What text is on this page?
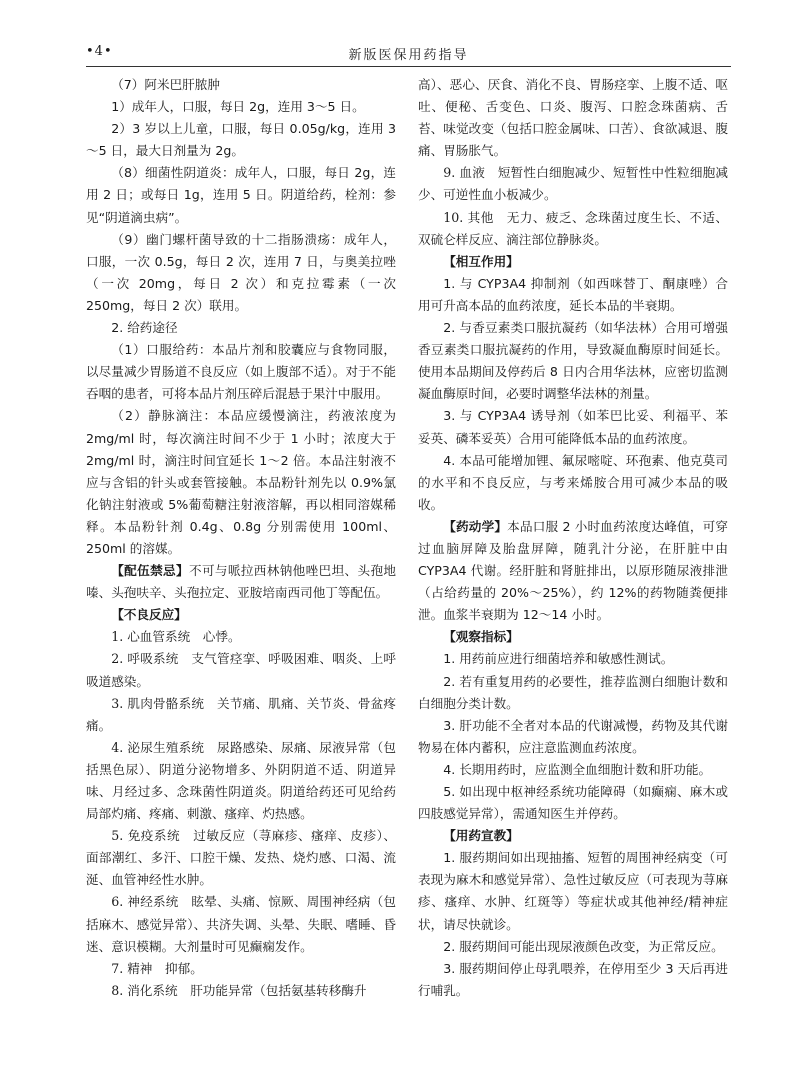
•4•	新版医保用药指导

（7）阿米巴肝脓肿

1）成年人，口服，每日 2g，连用 3～5 日。

2）3 岁以上儿童，口服，每日 0.05g/kg，连用 3～5 日，最大日剂量为 2g。

（8）细菌性阴道炎：成年人，口服，每日 2g，连用 2 日；或每日 1g，连用 5 日。阴道给药，栓剂：参见“阴道滴虫病”。

（9）幽门螺杆菌导致的十二指肠溃疡：成年人，口服，一次 0.5g，每日 2 次，连用 7 日，与奥美拉唑（一次 20mg，每日 2 次）和克拉霉素（一次 250mg，每日 2 次）联用。

2. 给药途径

（1）口服给药：本品片剂和胶囊应与食物同服，以尽量减少胃肠道不良反应（如上腹部不适）。对于不能吞咽的患者，可将本品片剂压碎后混悬于果汁中服用。

（2）静脉滴注：本品应缓慢滴注，药液浓度为 2mg/ml 时，每次滴注时间不少于 1 小时；浓度大于 2mg/ml 时，滴注时间宜延长 1～2 倍。本品注射液不应与含铝的针头或套管接触。本品粉针剂先以 0.9%氯化钠注射液或 5%葡萄糖注射液溶解，再以相同溶媒稀释。本品粉针剂 0.4g、0.8g 分别需使用 100ml、250ml 的溶媒。

【配伍禁忌】不可与哌拉西林钠他唑巴坦、头孢地嗪、头孢呋辛、头孢拉定、亚胺培南西司他丁等配伍。

【不良反应】

1. 心血管系统　 心悸。

2. 呼吸系统　 支气管痉挛、呼吸困难、咽炎、上呼吸道感染。

3. 肌肉骨骼系统　 关节痛、肌痛、关节炎、骨盆疼痛。

4. 泌尿生殖系统　 尿路感染、尿痛、尿液异常（包括黑色尿）、阴道分泌物增多、外阴阴道不适、阴道异味、月经过多、念珠菌性阴道炎。阴道给药还可见给药局部灼痛、疼痛、刺激、瘙痒、灼热感。

5. 免疫系统　 过敏反应（荨麻疹、瘙痒、皮疹）、面部潮红、多汗、口腔干燥、发热、烧灼感、口渴、流涎、血管神经性水肿。

6. 神经系统　 眩晕、头痛、惊厥、周围神经病（包括麻木、感觉异常）、共济失调、头晕、失眠、嗜睡、昏迷、意识模糊。大剂量时可见癫痫发作。

7. 精神　 抑郁。

8. 消化系统　 肝功能异常（包括氨基转移酶升

高）、恶心、厌食、消化不良、胃肠痉挛、上腹不适、呕吐、便秘、舌变色、口炎、腹泻、口腔念珠菌病、舌苔、味觉改变（包括口腔金属味、口苦）、食欲减退、腹痛、胃肠胀气。

9. 血液　 短暂性白细胞减少、短暂性中性粒细胞减少、可逆性血小板减少。

10. 其他　 无力、疲乏、念珠菌过度生长、不适、双硫仑样反应、滴注部位静脉炎。

【相互作用】

1. 与 CYP3A4 抑制剂（如西咪替丁、酮康唑）合用可升高本品的血药浓度，延长本品的半衰期。

2. 与香豆素类口服抗凝药（如华法林）合用可增强香豆素类口服抗凝药的作用，导致凝血酶原时间延长。使用本品期间及停药后 8 日内合用华法林，应密切监测凝血酶原时间，必要时调整华法林的剂量。

3. 与 CYP3A4 诱导剂（如苯巴比妥、利福平、苯妥英、磷苯妥英）合用可能降低本品的血药浓度。

4. 本品可能增加锂、氟尿嘧啶、环孢素、他克莫司的水平和不良反应，与考来烯胺合用可减少本品的吸收。

【药动学】本品口服 2 小时血药浓度达峰值，可穿过血脑屏障及胎盘屏障，随乳汁分泌，在肝脏中由 CYP3A4 代谢。经肝脏和肾脏排出，以原形随尿液排泄（占给药量的 20%～25%），约 12%的药物随粪便排泄。血浆半衰期为 12～14 小时。

【观察指标】

1. 用药前应进行细菌培养和敏感性测试。

2. 若有重复用药的必要性，推荐监测白细胞计数和白细胞分类计数。

3. 肝功能不全者对本品的代谢减慢，药物及其代谢物易在体内蓄积，应注意监测血药浓度。

4. 长期用药时，应监测全血细胞计数和肝功能。

5. 如出现中枢神经系统功能障碍（如癫痫、麻木或四肢感觉异常），需通知医生并停药。

【用药宣教】

1. 服药期间如出现抽搐、短暂的周围神经病变（可表现为麻木和感觉异常）、急性过敏反应（可表现为荨麻疹、瘙痒、水肿、红斑等）等症状或其他神经/精神症状，请尽快就诊。

2. 服药期间可能出现尿液颜色改变，为正常反应。

3. 服药期间停止母乳喂养，在停用至少 3 天后再进行哺乳。
